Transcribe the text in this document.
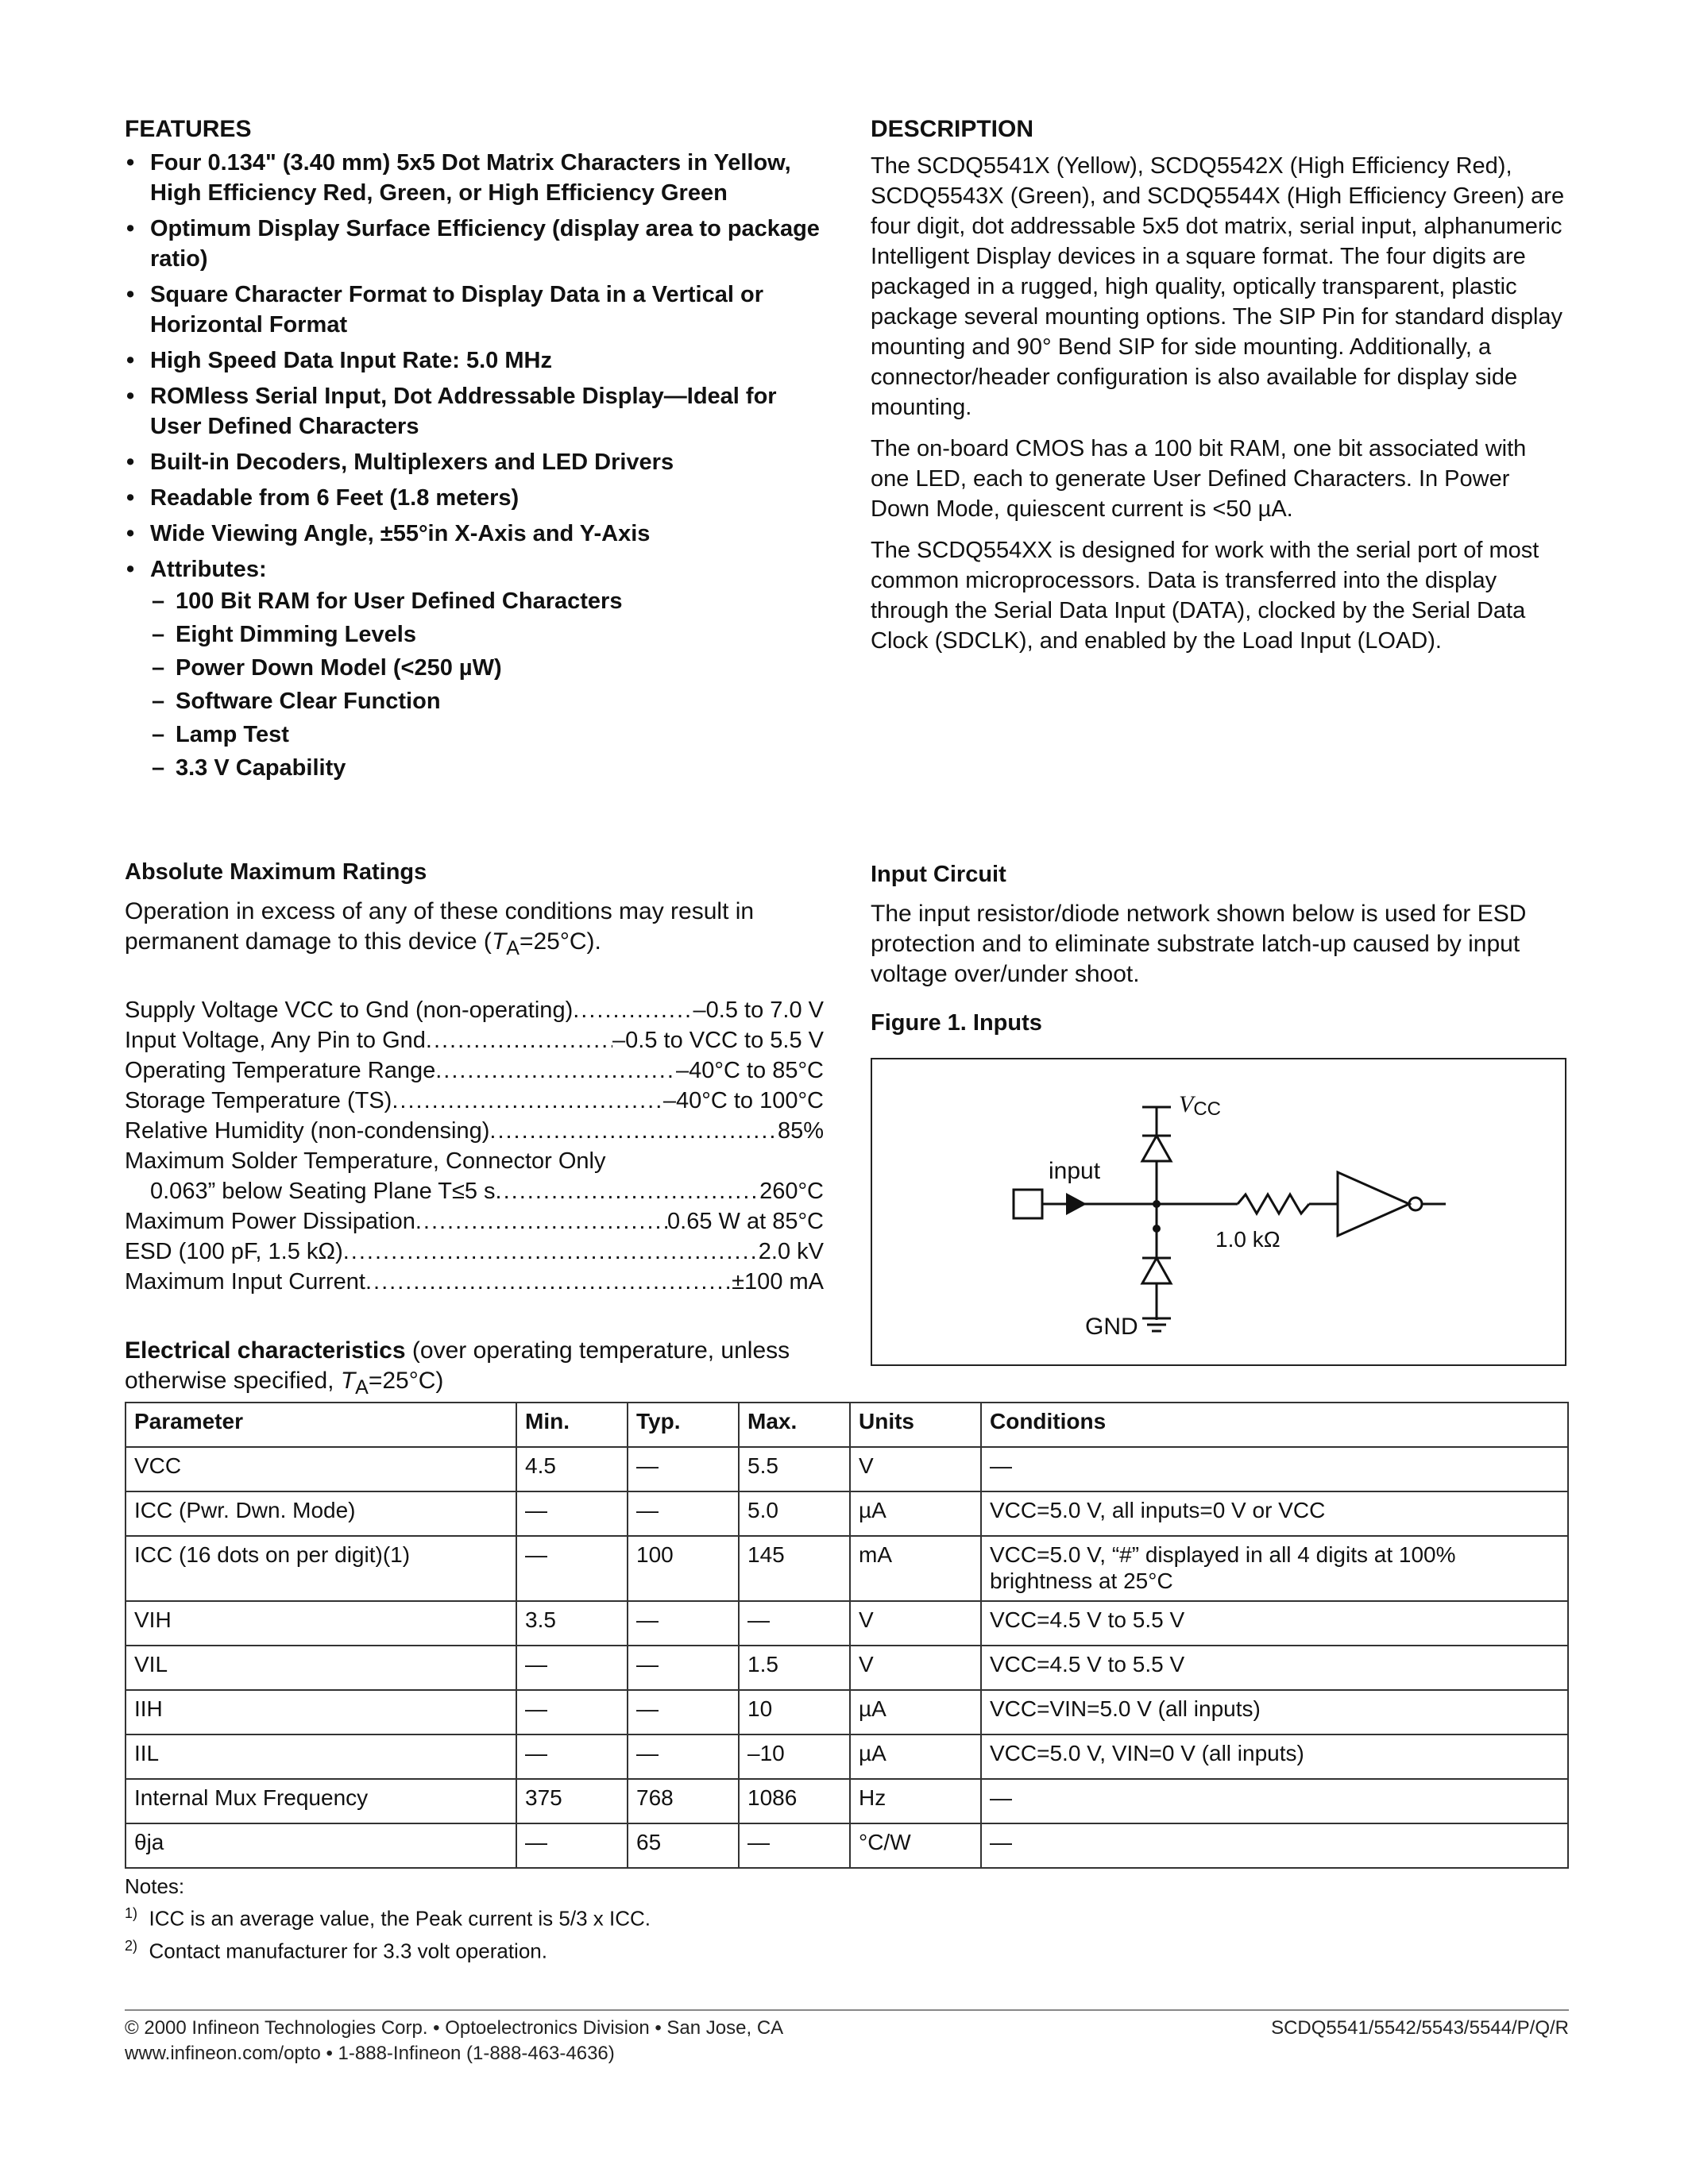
FEATURES
• Four 0.134" (3.40 mm) 5x5 Dot Matrix Characters in Yellow, High Efficiency Red, Green, or High Efficiency Green
• Optimum Display Surface Efficiency (display area to package ratio)
• Square Character Format to Display Data in a Vertical or Horizontal Format
• High Speed Data Input Rate: 5.0 MHz
• ROMless Serial Input, Dot Addressable Display—Ideal for User Defined Characters
• Built-in Decoders, Multiplexers and LED Drivers
• Readable from 6 Feet (1.8 meters)
• Wide Viewing Angle, ±55°in X-Axis and Y-Axis
• Attributes:
– 100 Bit RAM for User Defined Characters
– Eight Dimming Levels
– Power Down Model (<250 µW)
– Software Clear Function
– Lamp Test
– 3.3 V Capability
DESCRIPTION

The SCDQ5541X (Yellow), SCDQ5542X (High Efficiency Red), SCDQ5543X (Green), and SCDQ5544X (High Efficiency Green) are four digit, dot addressable 5x5 dot matrix, serial input, alphanumeric Intelligent Display devices in a square format. The four digits are packaged in a rugged, high quality, optically transparent, plastic package several mounting options. The SIP Pin for standard display mounting and 90° Bend SIP for side mounting. Additionally, a connector/header configuration is also available for display side mounting.

The on-board CMOS has a 100 bit RAM, one bit associated with one LED, each to generate User Defined Characters. In Power Down Mode, quiescent current is <50 µA.

The SCDQ554XX is designed for work with the serial port of most common microprocessors. Data is transferred into the display through the Serial Data Input (DATA), clocked by the Serial Data Clock (SDCLK), and enabled by the Load Input (LOAD).

Absolute Maximum Ratings

Operation in excess of any of these conditions may result in permanent damage to this device $(T_A=25^\circ C)$.

Supply Voltage VCC to Gnd (non-operating) .....	–0.5 to 7.0 V
Input Voltage, Any Pin to Gnd .....	–0.5 to VCC to 5.5 V
Operating Temperature Range .....	–40°C to 85°C
Storage Temperature (TS) .....	–40°C to 100°C
Relative Humidity (non-condensing) .....	85%
Maximum Solder Temperature, Connector Only
0.063” below Seating Plane T≤5 s .....	260°C
Maximum Power Dissipation .....	0.65 W at 85°C
ESD (100 pF, 1.5 kΩ) .....	2.0 kV
Maximum Input Current .....	±100 mA
Electrical characteristics (over operating temperature, unless otherwise specified, $T_A=25^\circ C$)
Input Circuit

The input resistor/diode network shown below is used for ESD protection and to eliminate substrate latch-up caused by input voltage over/under shoot.

Figure 1. Inputs
VCC
input
1.0 kΩ
GND
Parameter	Min.	Typ.	Max.	Units	Conditions
VCC	4.5	—	5.5	V	—
ICC (Pwr. Dwn. Mode)	—	—	5.0	µA	VCC=5.0 V, all inputs=0 V or VCC
ICC (16 dots on per digit)(1)	—	100	145	mA	VCC=5.0 V, “#” displayed in all 4 digits at 100% brightness at 25°C
VIH	3.5	—	—	V	VCC=4.5 V to 5.5 V
VIL	—	—	1.5	V	VCC=4.5 V to 5.5 V
IIH	—	—	10	µA	VCC=VIN=5.0 V (all inputs)
IIL	—	—	–10	µA	VCC=5.0 V, VIN=0 V (all inputs)
Internal Mux Frequency	375	768	1086	Hz	—
θja	—	65	—	°C/W	—
Notes:
$^{1)}$ ICC is an average value, the Peak current is 5/3 x ICC.
$^{2)}$ Contact manufacturer for 3.3 volt operation.
© 2000 Infineon Technologies Corp. • Optoelectronics Division • San Jose, CA
www.infineon.com/opto • 1-888-Infineon (1-888-463-4636)
SCDQ5541/5542/5543/5544/P/Q/R
